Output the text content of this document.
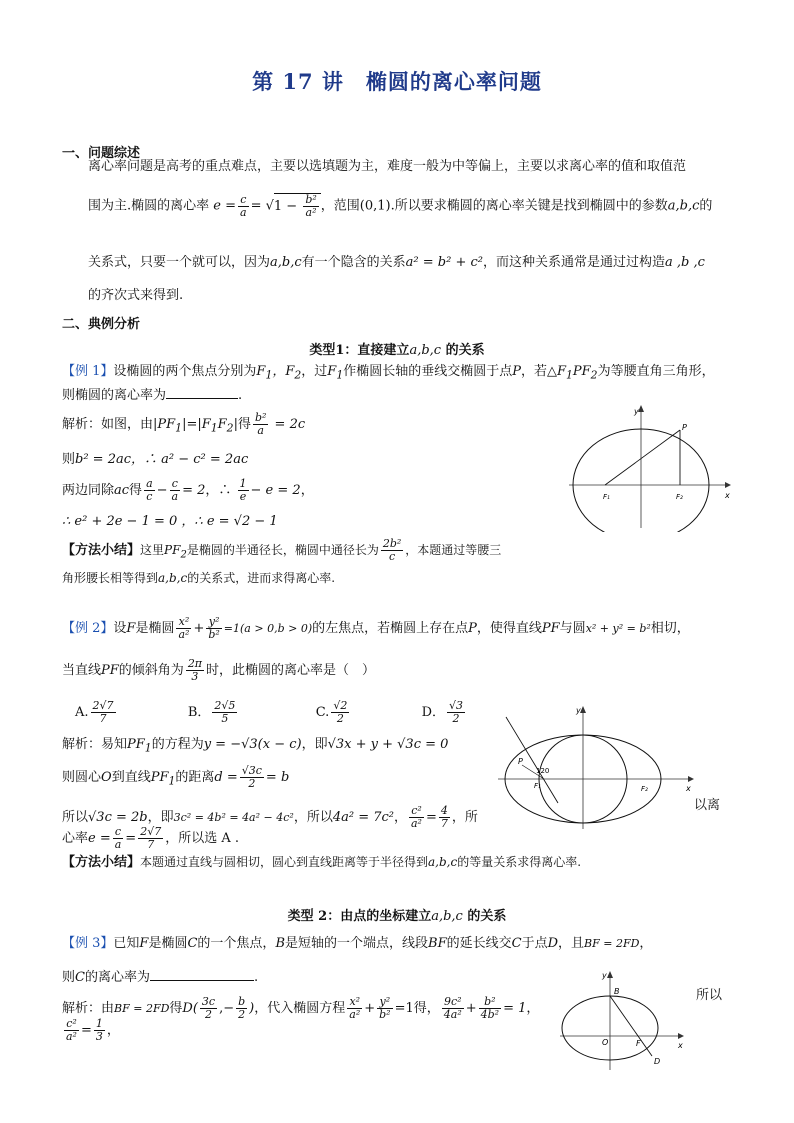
第 17 讲 椭圆的离心率问题
一、问题综述
离心率问题是高考的重点难点，主要以选填题为主，难度一般为中等偏上，主要以求离心率的值和取值范
围为主.椭圆的离心率 $e = \frac{c}{a} = √1 - \frac{\text{b²}}{\text{a²}}$ ，范围(0,1).所以要求椭圆的离心率关键是找到椭圆中的参数a,b,c的
关系式，只要一个就可以，因为a,b,c有一个隐含的关系a² = b² + c²，而这种关系通常是通过过构造a ,b ,c
的齐次式来得到.
二、典例分析
类型1：直接建立a,b,c 的关系
【例 1】设椭圆的两个焦点分别为$F_1$，$F_2$，过$F_1$作椭圆长轴的垂线交椭圆于点P，若$\triangle F_1PF_2$为等腰直角三角形，
则椭圆的离心率为	.
解析：如图，由$|PF_1|=|F_1F_2|$得 $\frac{\text{b²}}{a} = 2c$
则b² = 2ac，∴ a² − c² = 2ac
两边同除ac得 $\frac{a}{c} - \frac{c}{a} = 2$，∴ $\frac{1}{e} - e = 2$，
∴ e² + 2e − 1 = 0 ，∴ e = √2 − 1
【方法小结】这里$PF_2$是椭圆的半通径长，椭圆中通径长为 $\frac{\text{2b²}}{c}$ ，本题通过等腰三
角形腰长相等得到a,b,c的关系式，进而求得离心率.
y
x
P
F₁	F₂
【例 2】设F是椭圆 $\frac{\text{x²}}{\text{a²}} + \frac{\text{y²}}{\text{b²}} =1(a > 0,b > 0)$的左焦点，若椭圆上存在点P，使得直线PF与圆x² + y² = b²相切，
当直线PF的倾斜角为 $\frac{2\pi}{3}$ 时，此椭圆的离心率是（　）
A. $\frac{2√7}{7}$	B． $\frac{2√5}{5}$	C. $\frac{√2}{2}$	D． $\frac{√3}{2}$
解析：易知$PF_1$的方程为y = −√3(x − c)，即√3x + y + √3c = 0
则圆心O到直线$PF_1$的距离$d = \frac{√3c}{2} = b$
所以√3c = 2b，即3c² = 4b² = 4a² − 4c²，所以4a² = 7c²， $\frac{\text{c²}}{\text{a²}} = \frac{4}{7}$ ，所
以离
心率$e = \frac{c}{a} = \frac{2√7}{7}$ ，所以选 A .
【方法小结】本题通过直线与圆相切，圆心到直线距离等于半径得到a,b,c的等量关系求得离心率.
y
x
P
120
F₁	F₂
类型 2：由点的坐标建立a,b,c 的关系
【例 3】已知F是椭圆C的一个焦点，B是短轴的一个端点，线段BF的延长线交C于点D，且BF = 2FD，
则C的离心率为	.
解析：由BF = 2FD得$D( \frac{3c}{2}$ ,− $\frac{b}{2}$ )，代入椭圆方程 $\frac{\text{x²}}{\text{a²}} + \frac{\text{y²}}{\text{b²}} =1$得， $\frac{\text{9c²}}{\text{4a²}} + \frac{\text{b²}}{\text{4b²}} = 1$，
所以
$\frac{\text{c²}}{\text{a²}} = \frac{1}{3}$ ，
y
x
B
O	F
D
